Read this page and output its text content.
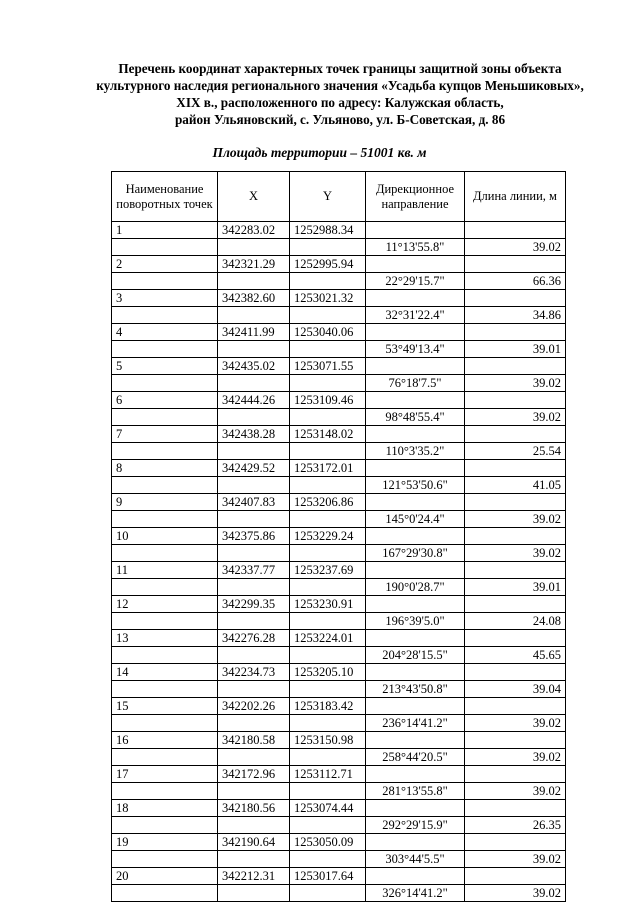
Перечень координат характерных точек границы защитной зоны объекта
культурного наследия регионального значения «Усадьба купцов Меньшиковых»,
XIX в., расположенного по адресу: Калужская область,
район Ульяновский, с. Ульяново, ул. Б-Советская, д. 86
Площадь территории – 51001 кв. м
Наименование поворотных точек	X	Y	Дирекционное направление	Длина линии, м
1	342283.02	1252988.34		
			11°13'55.8"	39.02
2	342321.29	1252995.94		
			22°29'15.7"	66.36
3	342382.60	1253021.32		
			32°31'22.4"	34.86
4	342411.99	1253040.06		
			53°49'13.4"	39.01
5	342435.02	1253071.55		
			76°18'7.5"	39.02
6	342444.26	1253109.46		
			98°48'55.4"	39.02
7	342438.28	1253148.02		
			110°3'35.2"	25.54
8	342429.52	1253172.01		
			121°53'50.6"	41.05
9	342407.83	1253206.86		
			145°0'24.4"	39.02
10	342375.86	1253229.24		
			167°29'30.8"	39.02
11	342337.77	1253237.69		
			190°0'28.7"	39.01
12	342299.35	1253230.91		
			196°39'5.0"	24.08
13	342276.28	1253224.01		
			204°28'15.5"	45.65
14	342234.73	1253205.10		
			213°43'50.8"	39.04
15	342202.26	1253183.42		
			236°14'41.2"	39.02
16	342180.58	1253150.98		
			258°44'20.5"	39.02
17	342172.96	1253112.71		
			281°13'55.8"	39.02
18	342180.56	1253074.44		
			292°29'15.9"	26.35
19	342190.64	1253050.09		
			303°44'5.5"	39.02
20	342212.31	1253017.64		
			326°14'41.2"	39.02
